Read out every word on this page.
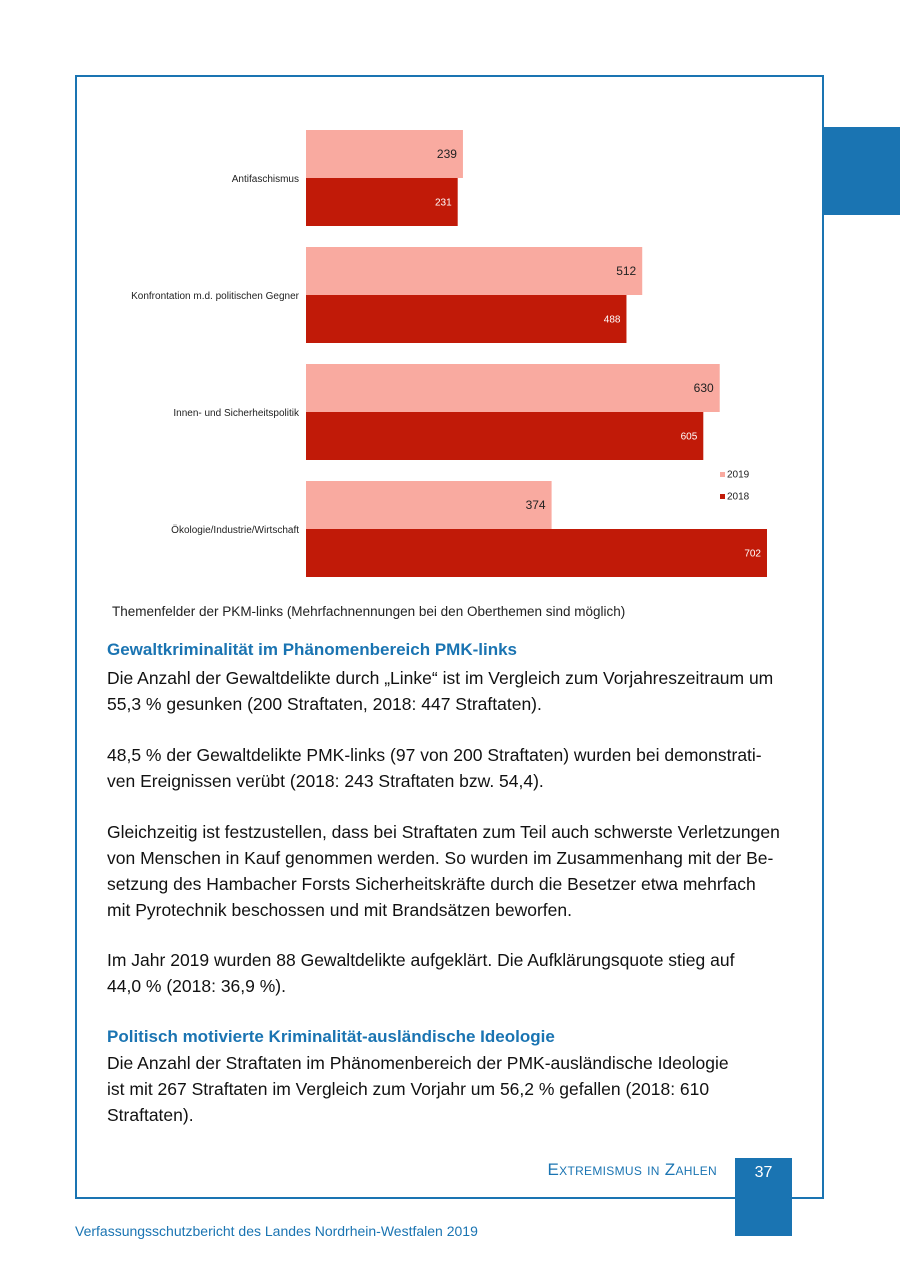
Antifaschismus
239
231
Konfrontation m.d. politischen Gegner
512
488
Innen- und Sicherheitspolitik
630
605
Ökologie/Industrie/Wirtschaft
374
702
2019
2018
Themenfelder der PKM-links (Mehrfachnennungen bei den Oberthemen sind möglich)
Gewaltkriminalität im Phänomenbereich PMK-links
Die Anzahl der Gewaltdelikte durch „Linke“ ist im Vergleich zum Vorjahreszeitraum um
55,3 % gesunken (200 Straftaten, 2018: 447 Straftaten).
48,5 % der Gewaltdelikte PMK-links (97 von 200 Straftaten) wurden bei demonstrati-
ven Ereignissen verübt (2018: 243 Straftaten bzw. 54,4).
Gleichzeitig ist festzustellen, dass bei Straftaten zum Teil auch schwerste Verletzungen
von Menschen in Kauf genommen werden. So wurden im Zusammenhang mit der Be-
setzung des Hambacher Forsts Sicherheitskräfte durch die Besetzer etwa mehrfach
mit Pyrotechnik beschossen und mit Brandsätzen beworfen.
Im Jahr 2019 wurden 88 Gewaltdelikte aufgeklärt. Die Aufklärungsquote stieg auf
44,0 % (2018: 36,9 %).
Politisch motivierte Kriminalität-ausländische Ideologie
Die Anzahl der Straftaten im Phänomenbereich der PMK-ausländische Ideologie
ist mit 267 Straftaten im Vergleich zum Vorjahr um 56,2 % gefallen (2018: 610
Straftaten).
Extremismus in Zahlen	37
Verfassungsschutzbericht des Landes Nordrhein-Westfalen 2019
